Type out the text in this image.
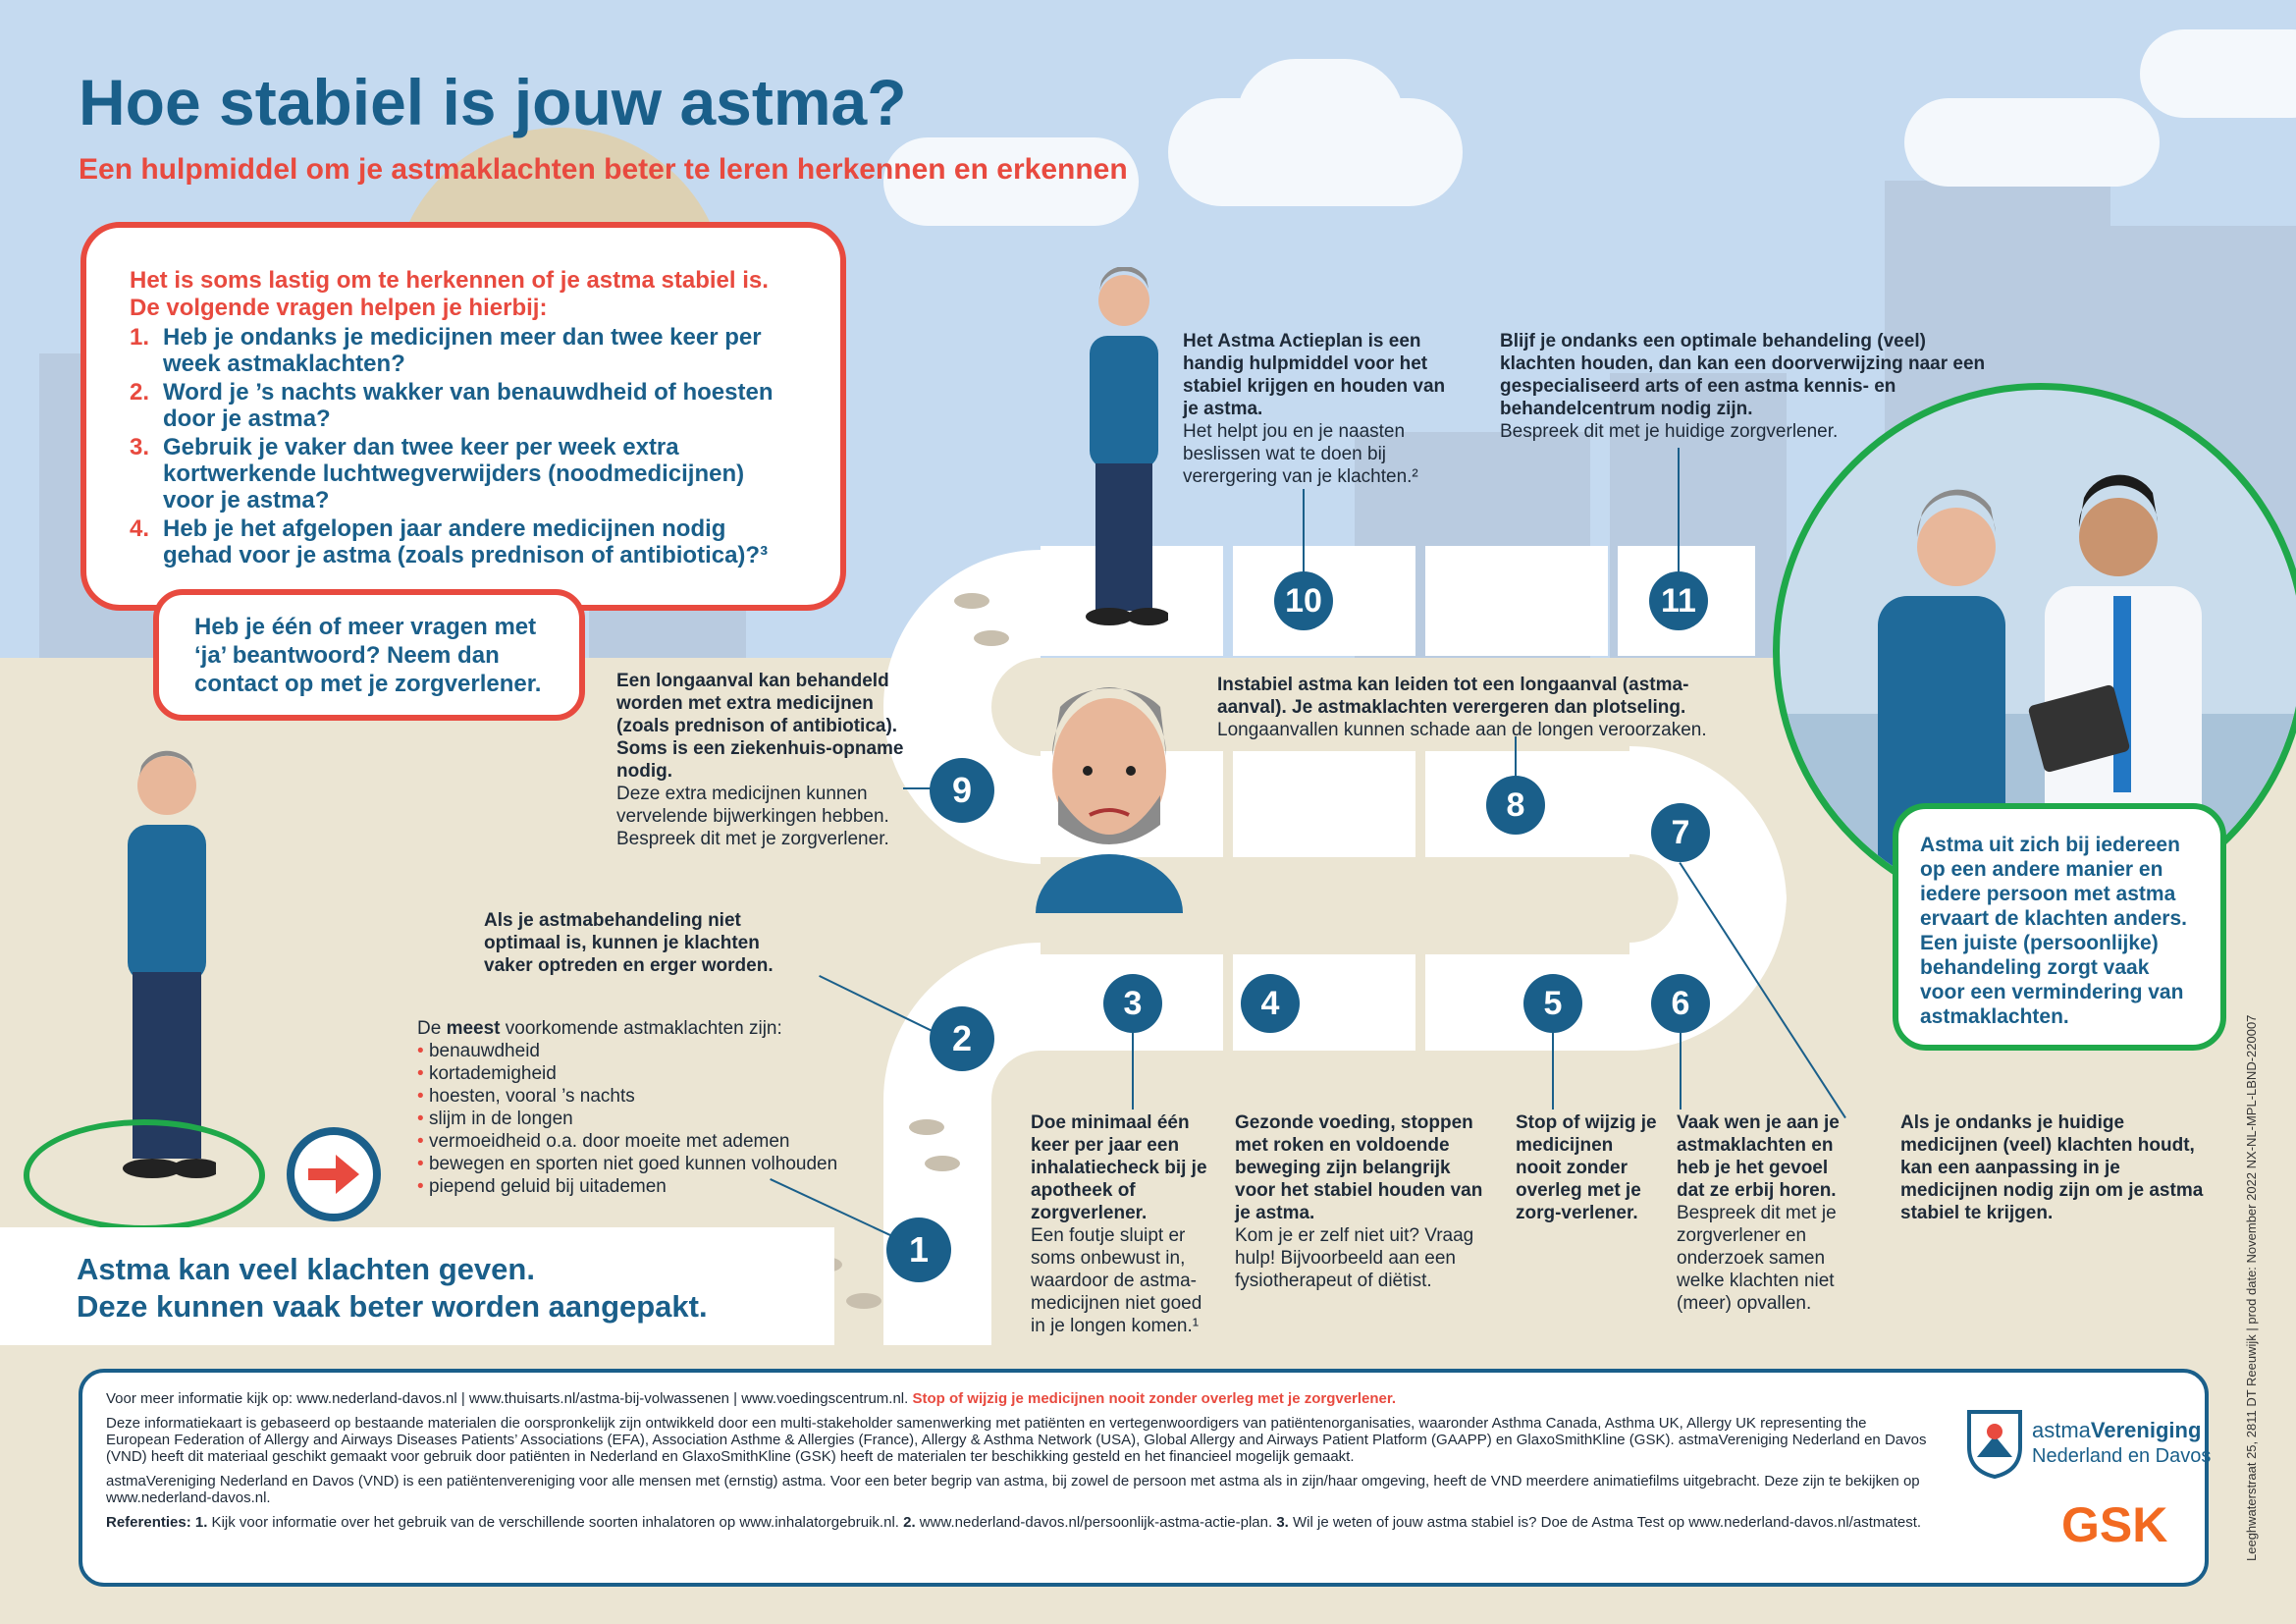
Hoe stabiel is jouw astma?
Een hulpmiddel om je astmaklachten beter te leren herkennen en erkennen
Het is soms lastig om te herkennen of je astma stabiel is. De volgende vragen helpen je hierbij:
1. Heb je ondanks je medicijnen meer dan twee keer per week astmaklachten?
2. Word je ’s nachts wakker van benauwdheid of hoesten door je astma?
3. Gebruik je vaker dan twee keer per week extra kortwerkende luchtwegverwijders (noodmedicijnen) voor je astma?
4. Heb je het afgelopen jaar andere medicijnen nodig gehad voor je astma (zoals prednison of antibiotica)?³
Heb je één of meer vragen met ‘ja’ beantwoord? Neem dan contact op met je zorgverlener.
1
2
3	4	5	6
7
8
9
10	11
Als je astmabehandeling niet optimaal is, kunnen je klachten vaker optreden en erger worden.
De meest voorkomende astmaklachten zijn:
• benauwdheid
• kortademigheid
• hoesten, vooral ’s nachts
• slijm in de longen
• vermoeidheid o.a. door moeite met ademen
• bewegen en sporten niet goed kunnen volhouden
• piepend geluid bij uitademen
Doe minimaal één keer per jaar een inhalatiecheck bij je apotheek of zorgverlener.
Een foutje sluipt er soms onbewust in, waardoor de astma-medicijnen niet goed in je longen komen.¹
Gezonde voeding, stoppen met roken en voldoende beweging zijn belangrijk voor het stabiel houden van je astma.
Kom je er zelf niet uit? Vraag hulp! Bijvoorbeeld aan een fysiotherapeut of diëtist.
Stop of wijzig je medicijnen nooit zonder overleg met je zorg-verlener.
Vaak wen je aan je astmaklachten en heb je het gevoel dat ze erbij horen.
Bespreek dit met je zorgverlener en onderzoek samen welke klachten niet (meer) opvallen.
Als je ondanks je huidige medicijnen (veel) klachten houdt, kan een aanpassing in je medicijnen nodig zijn om je astma stabiel te krijgen.
Instabiel astma kan leiden tot een longaanval (astma-aanval). Je astmaklachten verergeren dan plotseling.
Longaanvallen kunnen schade aan de longen veroorzaken.
Een longaanval kan behandeld worden met extra medicijnen (zoals prednison of antibiotica). Soms is een ziekenhuis-opname nodig.
Deze extra medicijnen kunnen vervelende bijwerkingen hebben. Bespreek dit met je zorgverlener.
Het Astma Actieplan is een handig hulpmiddel voor het stabiel krijgen en houden van je astma.
Het helpt jou en je naasten beslissen wat te doen bij verergering van je klachten.²
Blijf je ondanks een optimale behandeling (veel) klachten houden, dan kan een doorverwijzing naar een gespecialiseerd arts of een astma kennis- en behandelcentrum nodig zijn.
Bespreek dit met je huidige zorgverlener.
Astma uit zich bij iedereen op een andere manier en iedere persoon met astma ervaart de klachten anders. Een juiste (persoonlijke) behandeling zorgt vaak voor een vermindering van astmaklachten.
Astma kan veel klachten geven.
Deze kunnen vaak beter worden aangepakt.

Voor meer informatie kijk op: www.nederland-davos.nl | www.thuisarts.nl/astma-bij-volwassenen | www.voedingscentrum.nl. Stop of wijzig je medicijnen nooit zonder overleg met je zorgverlener.

Deze informatiekaart is gebaseerd op bestaande materialen die oorspronkelijk zijn ontwikkeld door een multi-stakeholder samenwerking met patiënten en vertegenwoordigers van patiëntenorganisaties, waaronder Asthma Canada, Asthma UK, Allergy UK representing the European Federation of Allergy and Airways Diseases Patients’ Associations (EFA), Association Asthme & Allergies (France), Allergy & Asthma Network (USA), Global Allergy and Airways Patient Platform (GAAPP) en GlaxoSmithKline (GSK). astmaVereniging Nederland en Davos (VND) heeft dit materiaal geschikt gemaakt voor gebruik door patiënten in Nederland en GlaxoSmithKline (GSK) heeft de materialen ter beschikking gesteld en het financieel mogelijk gemaakt.

astmaVereniging Nederland en Davos (VND) is een patiëntenvereniging voor alle mensen met (ernstig) astma. Voor een beter begrip van astma, bij zowel de persoon met astma als in zijn/haar omgeving, heeft de VND meerdere animatiefilms uitgebracht. Deze zijn te bekijken op www.nederland-davos.nl.

Referenties: 1. Kijk voor informatie over het gebruik van de verschillende soorten inhalatoren op www.inhalatorgebruik.nl. 2. www.nederland-davos.nl/persoonlijk-astma-actie-plan. 3. Wil je weten of jouw astma stabiel is? Doe de Astma Test op www.nederland-davos.nl/astmatest.

astmaVereniging
Nederland en Davos
GSK	Leeghwaterstraat 25, 2811 DT Reeuwijk | prod date: November 2022 NX-NL-MPL-LBND-220007
